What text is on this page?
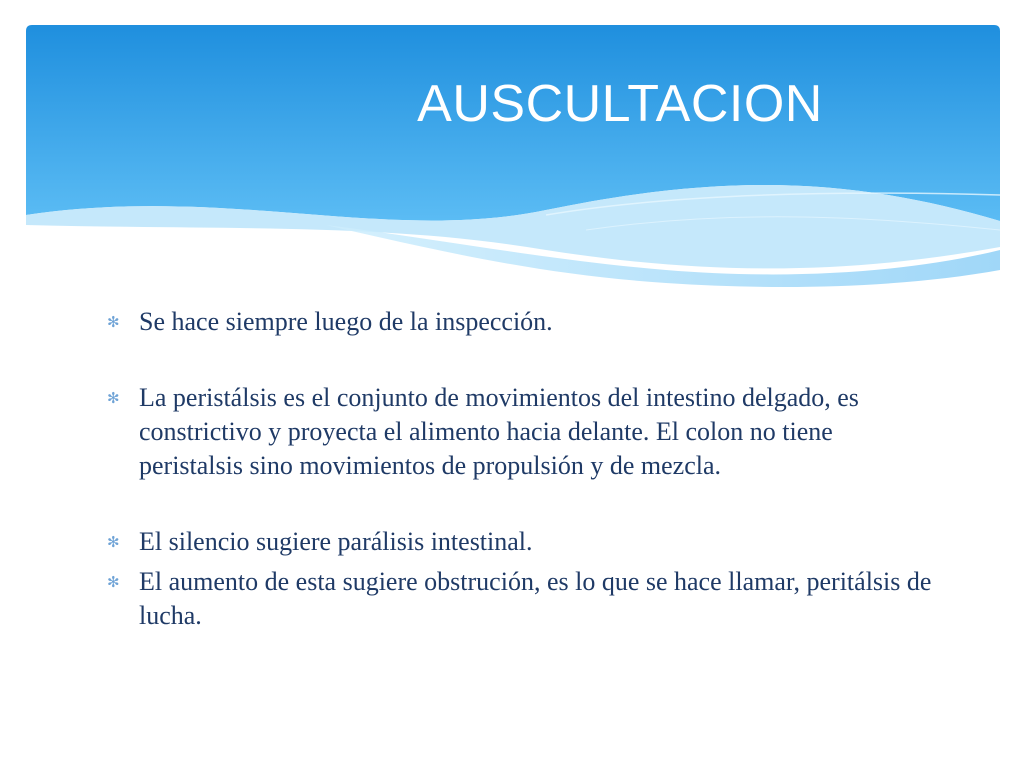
AUSCULTACION
✻ Se hace siempre luego de la inspección.
✻ La peristálsis es el conjunto de movimientos del intestino delgado, es constrictivo y proyecta el alimento hacia delante. El colon no tiene peristalsis sino movimientos de propulsión y de mezcla.
✻ El silencio sugiere parálisis intestinal.
✻ El aumento de esta sugiere obstrución, es lo que se hace llamar, peritálsis de lucha.
